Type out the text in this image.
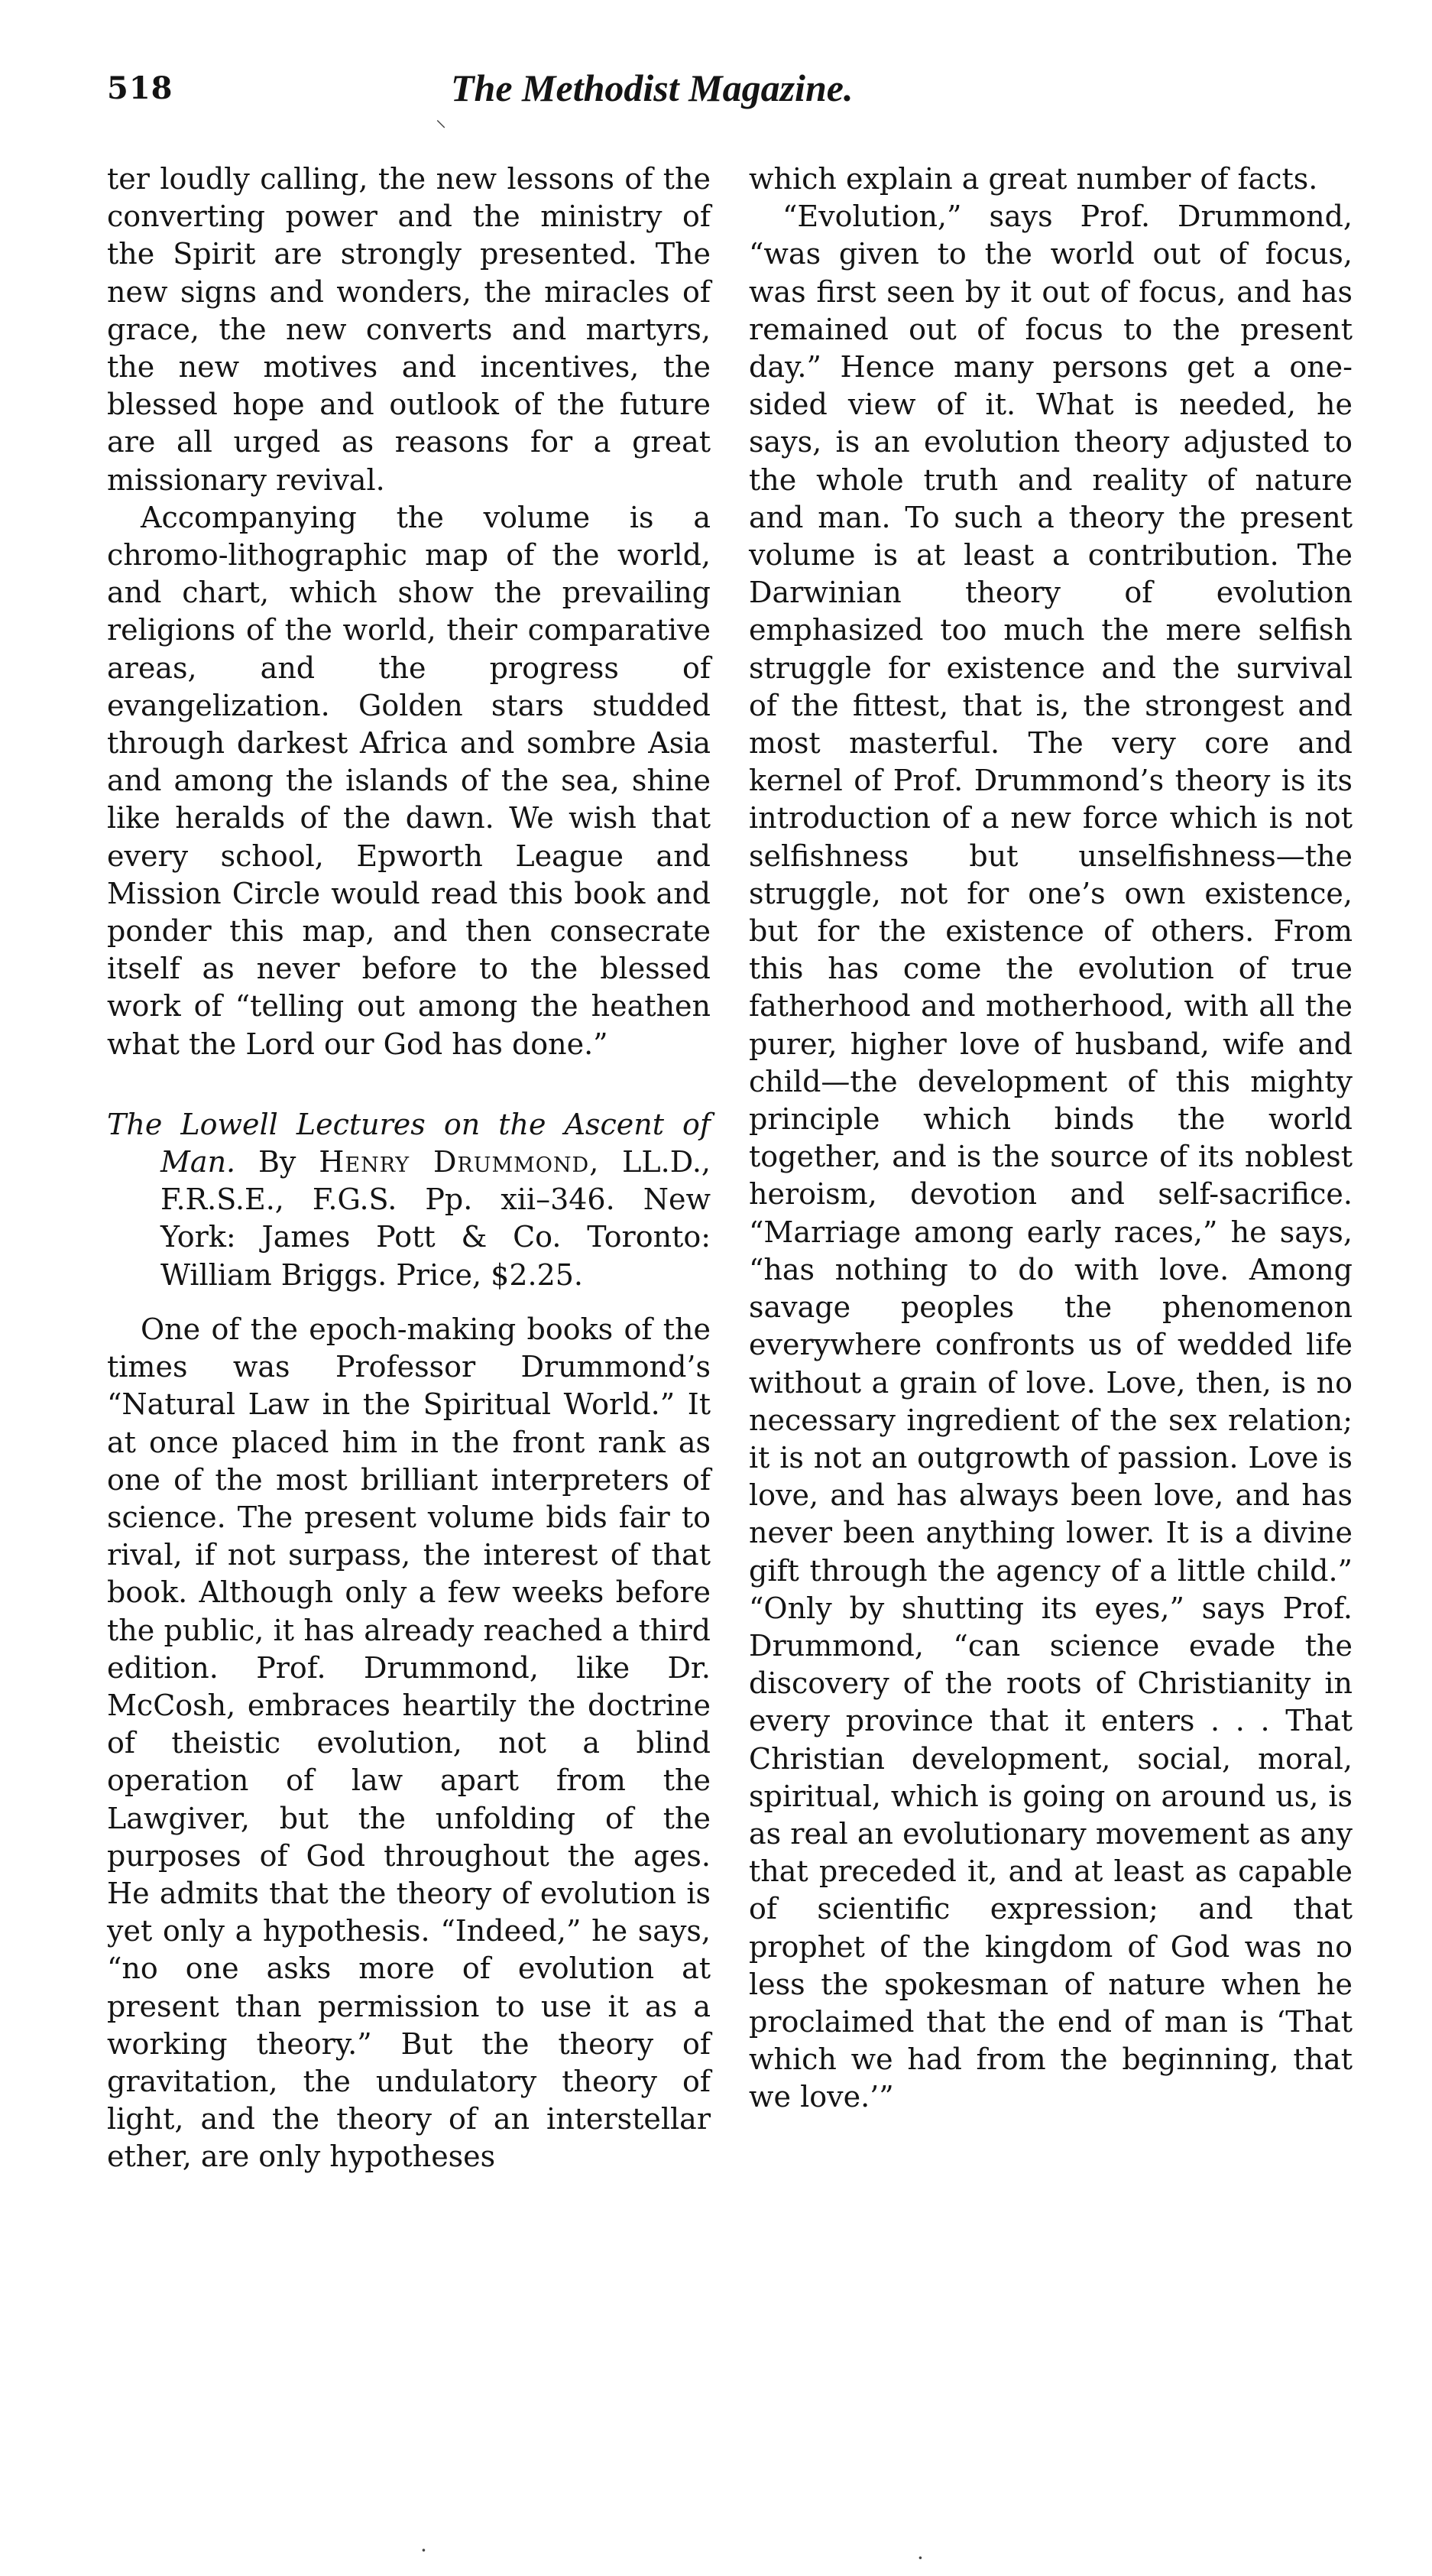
518	The Methodist Magazine.

ter loudly calling, the new lessons of the converting power and the ministry of the Spirit are strongly presented. The new signs and wonders, the miracles of grace, the new converts and martyrs, the new motives and incentives, the blessed hope and outlook of the future are all urged as reasons for a great missionary revival.

Accompanying the volume is a chromo-lithographic map of the world, and chart, which show the prevailing religions of the world, their comparative areas, and the progress of evangelization. Golden stars studded through darkest Africa and sombre Asia and among the islands of the sea, shine like heralds of the dawn. We wish that every school, Epworth League and Mission Circle would read this book and ponder this map, and then consecrate itself as never before to the blessed work of “telling out among the heathen what the Lord our God has done.”

The Lowell Lectures on the Ascent of Man. By Henry Drummond, LL.D., F.R.S.E., F.G.S. Pp. xii–346. New York: James Pott & Co. Toronto: William Briggs. Price, $2.25.

One of the epoch-making books of the times was Professor Drummond’s “Natural Law in the Spiritual World.” It at once placed him in the front rank as one of the most brilliant interpreters of science. The present volume bids fair to rival, if not surpass, the interest of that book. Although only a few weeks before the public, it has already reached a third edition. Prof. Drummond, like Dr. McCosh, embraces heartily the doctrine of theistic evolution, not a blind operation of law apart from the Lawgiver, but the unfolding of the purposes of God throughout the ages. He admits that the theory of evolution is yet only a hypothesis. “Indeed,” he says, “no one asks more of evolution at present than permission to use it as a working theory.” But the theory of gravitation, the undulatory theory of light, and the theory of an interstellar ether, are only hypotheses

which explain a great number of facts.

“Evolution,” says Prof. Drummond, “was given to the world out of focus, was first seen by it out of focus, and has remained out of focus to the present day.” Hence many persons get a one-sided view of it. What is needed, he says, is an evolution theory adjusted to the whole truth and reality of nature and man. To such a theory the present volume is at least a contribution. The Darwinian theory of evolution emphasized too much the mere selfish struggle for existence and the survival of the fittest, that is, the strongest and most masterful. The very core and kernel of Prof. Drummond’s theory is its introduction of a new force which is not selfishness but unselfishness—the struggle, not for one’s own existence, but for the existence of others. From this has come the evolution of true fatherhood and motherhood, with all the purer, higher love of husband, wife and child—the development of this mighty principle which binds the world together, and is the source of its noblest heroism, devotion and self-sacrifice. “Marriage among early races,” he says, “has nothing to do with love. Among savage peoples the phenomenon everywhere confronts us of wedded life without a grain of love. Love, then, is no necessary ingredient of the sex relation; it is not an outgrowth of passion. Love is love, and has always been love, and has never been anything lower. It is a divine gift through the agency of a little child.” “Only by shutting its eyes,” says Prof. Drummond, “can science evade the discovery of the roots of Christianity in every province that it enters . . . That Christian development, social, moral, spiritual, which is going on around us, is as real an evolutionary movement as any that preceded it, and at least as capable of scientific expression; and that prophet of the kingdom of God was no less the spokesman of nature when he proclaimed that the end of man is ‘That which we had from the beginning, that we love.’”

⸌
·	·
